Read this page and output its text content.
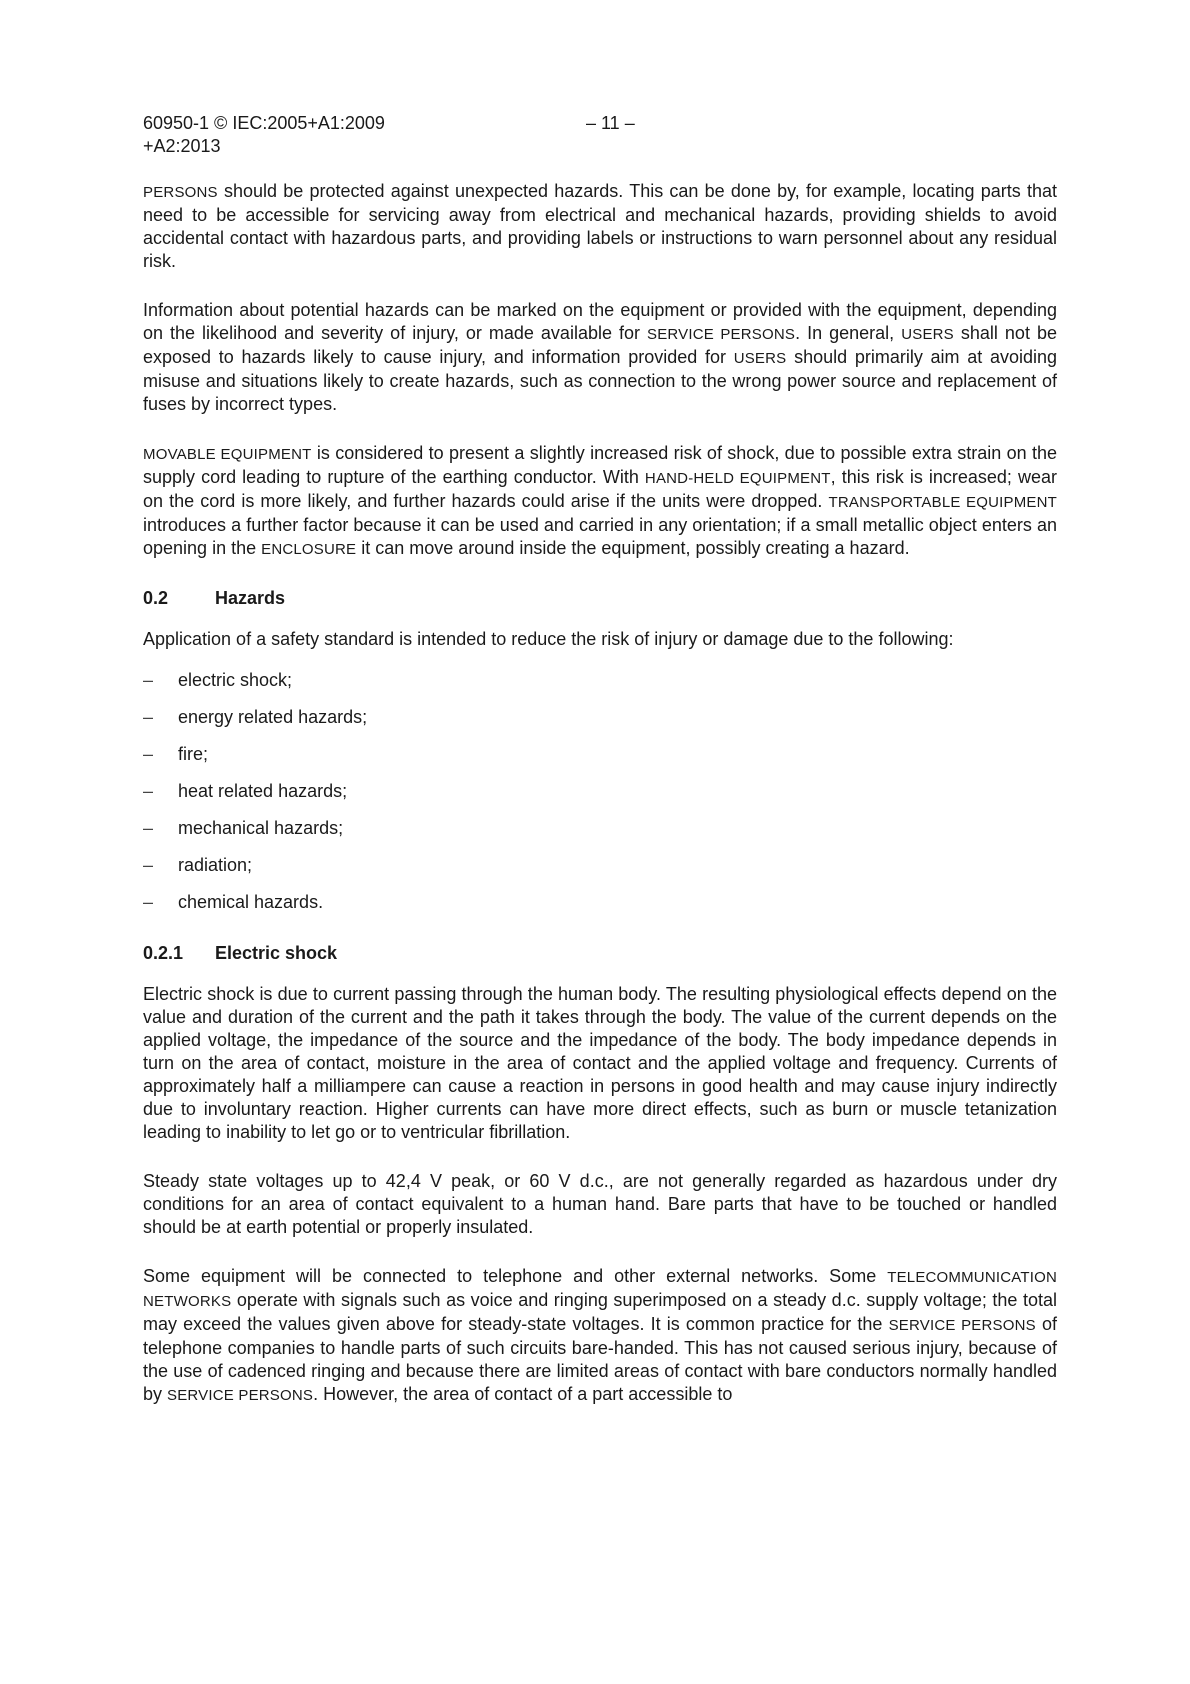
60950-1 © IEC:2005+A1:2009
+A2:2013
– 11 –

PERSONS should be protected against unexpected hazards. This can be done by, for example, locating parts that need to be accessible for servicing away from electrical and mechanical hazards, providing shields to avoid accidental contact with hazardous parts, and providing labels or instructions to warn personnel about any residual risk.

Information about potential hazards can be marked on the equipment or provided with the equipment, depending on the likelihood and severity of injury, or made available for SERVICE PERSONS. In general, USERS shall not be exposed to hazards likely to cause injury, and information provided for USERS should primarily aim at avoiding misuse and situations likely to create hazards, such as connection to the wrong power source and replacement of fuses by incorrect types.

MOVABLE EQUIPMENT is considered to present a slightly increased risk of shock, due to possible extra strain on the supply cord leading to rupture of the earthing conductor. With HAND-HELD EQUIPMENT, this risk is increased; wear on the cord is more likely, and further hazards could arise if the units were dropped. TRANSPORTABLE EQUIPMENT introduces a further factor because it can be used and carried in any orientation; if a small metallic object enters an opening in the ENCLOSURE it can move around inside the equipment, possibly creating a hazard.

0.2	Hazards

Application of a safety standard is intended to reduce the risk of injury or damage due to the following:

–	electric shock;
–	energy related hazards;
–	fire;
–	heat related hazards;
–	mechanical hazards;
–	radiation;
–	chemical hazards.
0.2.1	Electric shock

Electric shock is due to current passing through the human body. The resulting physiological effects depend on the value and duration of the current and the path it takes through the body. The value of the current depends on the applied voltage, the impedance of the source and the impedance of the body. The body impedance depends in turn on the area of contact, moisture in the area of contact and the applied voltage and frequency. Currents of approximately half a milliampere can cause a reaction in persons in good health and may cause injury indirectly due to involuntary reaction. Higher currents can have more direct effects, such as burn or muscle tetanization leading to inability to let go or to ventricular fibrillation.

Steady state voltages up to 42,4 V peak, or 60 V d.c., are not generally regarded as hazardous under dry conditions for an area of contact equivalent to a human hand. Bare parts that have to be touched or handled should be at earth potential or properly insulated.

Some equipment will be connected to telephone and other external networks. Some TELECOMMUNICATION NETWORKS operate with signals such as voice and ringing superimposed on a steady d.c. supply voltage; the total may exceed the values given above for steady-state voltages. It is common practice for the SERVICE PERSONS of telephone companies to handle parts of such circuits bare-handed. This has not caused serious injury, because of the use of cadenced ringing and because there are limited areas of contact with bare conductors normally handled by SERVICE PERSONS. However, the area of contact of a part accessible to
